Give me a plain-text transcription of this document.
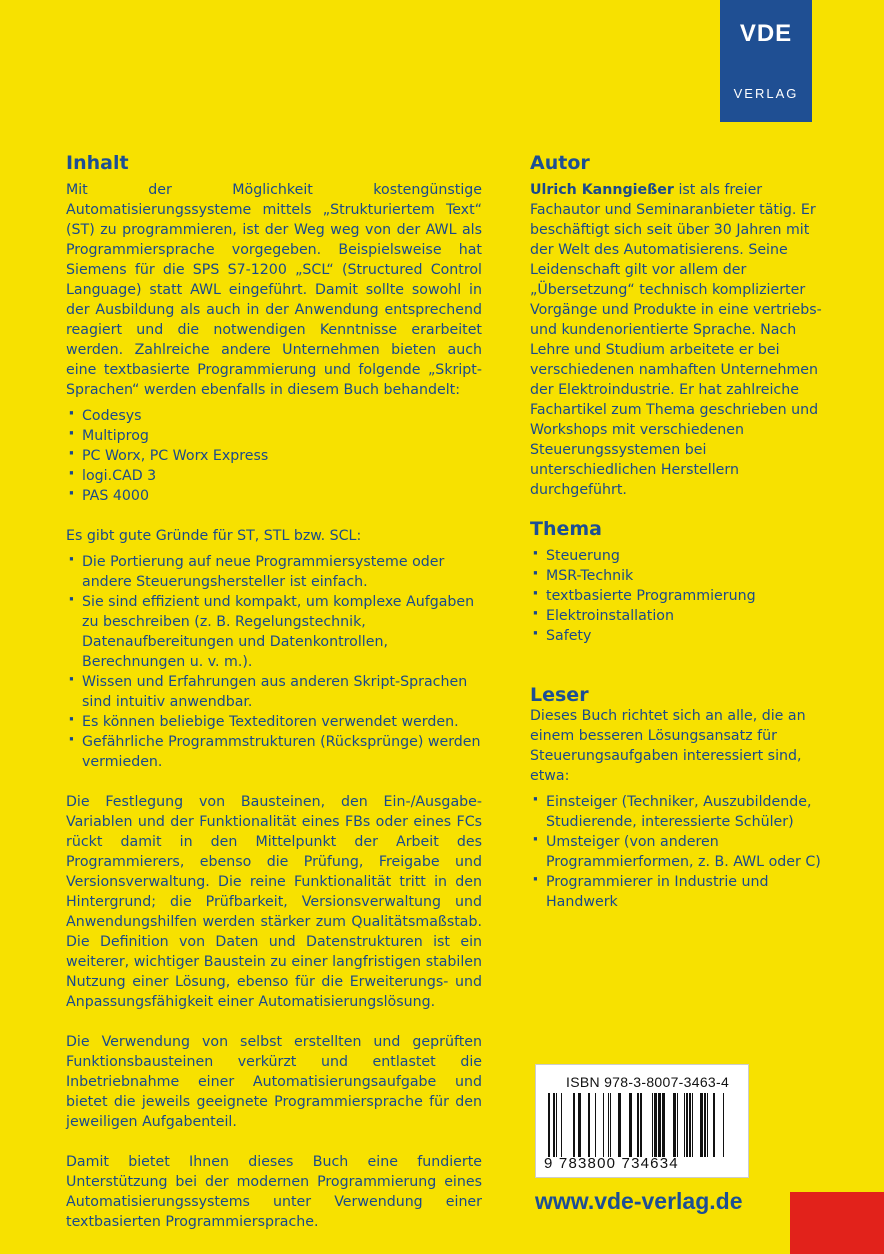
VDE
VERLAG
Inhalt

Mit der Möglichkeit kostengünstige Automatisierungssysteme mittels „Strukturiertem Text“ (ST) zu programmieren, ist der Weg weg von der AWL als Programmiersprache vorgegeben. Beispielsweise hat Siemens für die SPS S7-1200 „SCL“ (Structured Control Language) statt AWL eingeführt. Damit sollte sowohl in der Ausbildung als auch in der Anwendung entsprechend reagiert und die notwendigen Kenntnisse erarbeitet werden. Zahlreiche andere Unternehmen bieten auch eine textbasierte Programmierung und folgende „Skript-Sprachen“ werden ebenfalls in diesem Buch behandelt:

· Codesys
· Multiprog
· PC Worx, PC Worx Express
· logi.CAD 3
· PAS 4000

Es gibt gute Gründe für ST, STL bzw. SCL:

· Die Portierung auf neue Programmiersysteme oder andere Steuerungshersteller ist einfach.
· Sie sind effizient und kompakt, um komplexe Aufgaben zu beschreiben (z. B. Regelungstechnik, Datenaufbereitungen und Datenkontrollen, Berechnungen u. v. m.).
· Wissen und Erfahrungen aus anderen Skript-Sprachen sind intuitiv anwendbar.
· Es können beliebige Texteditoren verwendet werden.
· Gefährliche Programmstrukturen (Rücksprünge) werden vermieden.

Die Festlegung von Bausteinen, den Ein-/Ausgabe-Variablen und der Funktionalität eines FBs oder eines FCs rückt damit in den Mittelpunkt der Arbeit des Programmierers, ebenso die Prüfung, Freigabe und Versionsverwaltung. Die reine Funktionalität tritt in den Hintergrund; die Prüfbarkeit, Versionsverwaltung und Anwendungshilfen werden stärker zum Qualitätsmaßstab. Die Definition von Daten und Datenstrukturen ist ein weiterer, wichtiger Baustein zu einer langfristigen stabilen Nutzung einer Lösung, ebenso für die Erweiterungs- und Anpassungsfähigkeit einer Automatisierungslösung.

Die Verwendung von selbst erstellten und geprüften Funktionsbausteinen verkürzt und entlastet die Inbetriebnahme einer Automatisierungsaufgabe und bietet die jeweils geeignete Programmiersprache für den jeweiligen Aufgabenteil.

Damit bietet Ihnen dieses Buch eine fundierte Unterstützung bei der modernen Programmierung eines Automatisierungssystems unter Verwendung einer textbasierten Programmiersprache.

Autor

Ulrich Kanngießer ist als freier Fachautor und Seminaranbieter tätig. Er beschäftigt sich seit über 30 Jahren mit der Welt des Automatisierens. Seine Leidenschaft gilt vor allem der „Übersetzung“ technisch komplizierter Vorgänge und Produkte in eine vertriebs- und kundenorientierte Sprache. Nach Lehre und Studium arbeitete er bei verschiedenen namhaften Unternehmen der Elektroindustrie. Er hat zahlreiche Fachartikel zum Thema geschrieben und Workshops mit verschiedenen Steuerungssystemen bei unterschiedlichen Herstellern durchgeführt.

Thema
· Steuerung
· MSR-Technik
· textbasierte Programmierung
· Elektroinstallation
· Safety
Leser

Dieses Buch richtet sich an alle, die an einem besseren Lösungsansatz für Steuerungsaufgaben interessiert sind, etwa:

· Einsteiger (Techniker, Auszubildende, Studierende, interessierte Schüler)
· Umsteiger (von anderen Programmierformen, z. B. AWL oder C)
· Programmierer in Industrie und Handwerk
ISBN 978-3-8007-3463-4
9 783800 734634
www.vde-verlag.de
